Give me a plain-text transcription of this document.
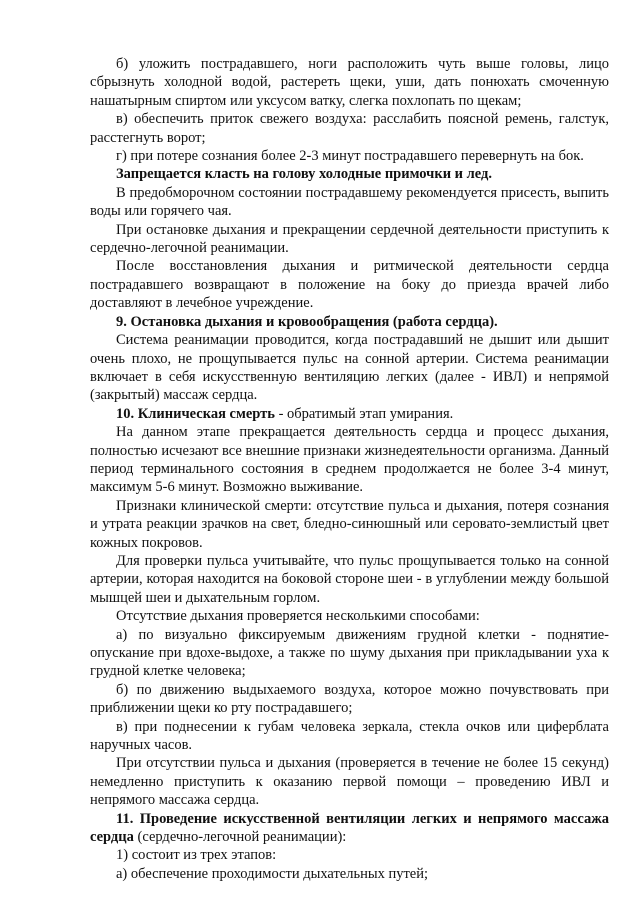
б) уложить пострадавшего, ноги расположить чуть выше головы, лицо сбрызнуть холодной водой, растереть щеки, уши, дать понюхать смоченную нашатырным спиртом или уксусом ватку, слегка похлопать по щекам;

в) обеспечить приток свежего воздуха: расслабить поясной ремень, галстук, расстегнуть ворот;

г) при потере сознания более 2-3 минут пострадавшего перевернуть на бок.

Запрещается класть на голову холодные примочки и лед.

В предобморочном состоянии пострадавшему рекомендуется присесть, выпить воды или горячего чая.

При остановке дыхания и прекращении сердечной деятельности приступить к сердечно-легочной реанимации.

После восстановления дыхания и ритмической деятельности сердца пострадавшего возвращают в положение на боку до приезда врачей либо доставляют в лечебное учреждение.

9. Остановка дыхания и кровообращения (работа сердца).

Система реанимации проводится, когда пострадавший не дышит или дышит очень плохо, не прощупывается пульс на сонной артерии. Система реанимации включает в себя искусственную вентиляцию легких (далее - ИВЛ) и непрямой (закрытый) массаж сердца.

10. Клиническая смерть - обратимый этап умирания.

На данном этапе прекращается деятельность сердца и процесс дыхания, полностью исчезают все внешние признаки жизнедеятельности организма. Данный период терминального состояния в среднем продолжается не более 3-4 минут, максимум 5-6 минут. Возможно выживание.

Признаки клинической смерти: отсутствие пульса и дыхания, потеря сознания и утрата реакции зрачков на свет, бледно-синюшный или серовато-землистый цвет кожных покровов.

Для проверки пульса учитывайте, что пульс прощупывается только на сонной артерии, которая находится на боковой стороне шеи - в углублении между большой мышцей шеи и дыхательным горлом.

Отсутствие дыхания проверяется несколькими способами:

а) по визуально фиксируемым движениям грудной клетки - поднятие-опускание при вдохе-выдохе, а также по шуму дыхания при прикладывании уха к грудной клетке человека;

б) по движению выдыхаемого воздуха, которое можно почувствовать при приближении щеки ко рту пострадавшего;

в) при поднесении к губам человека зеркала, стекла очков или циферблата наручных часов.

При отсутствии пульса и дыхания (проверяется в течение не более 15 секунд) немедленно приступить к оказанию первой помощи – проведению ИВЛ и непрямого массажа сердца.

11. Проведение искусственной вентиляции легких и непрямого массажа сердца (сердечно-легочной реанимации):

1) состоит из трех этапов:

а) обеспечение проходимости дыхательных путей;
